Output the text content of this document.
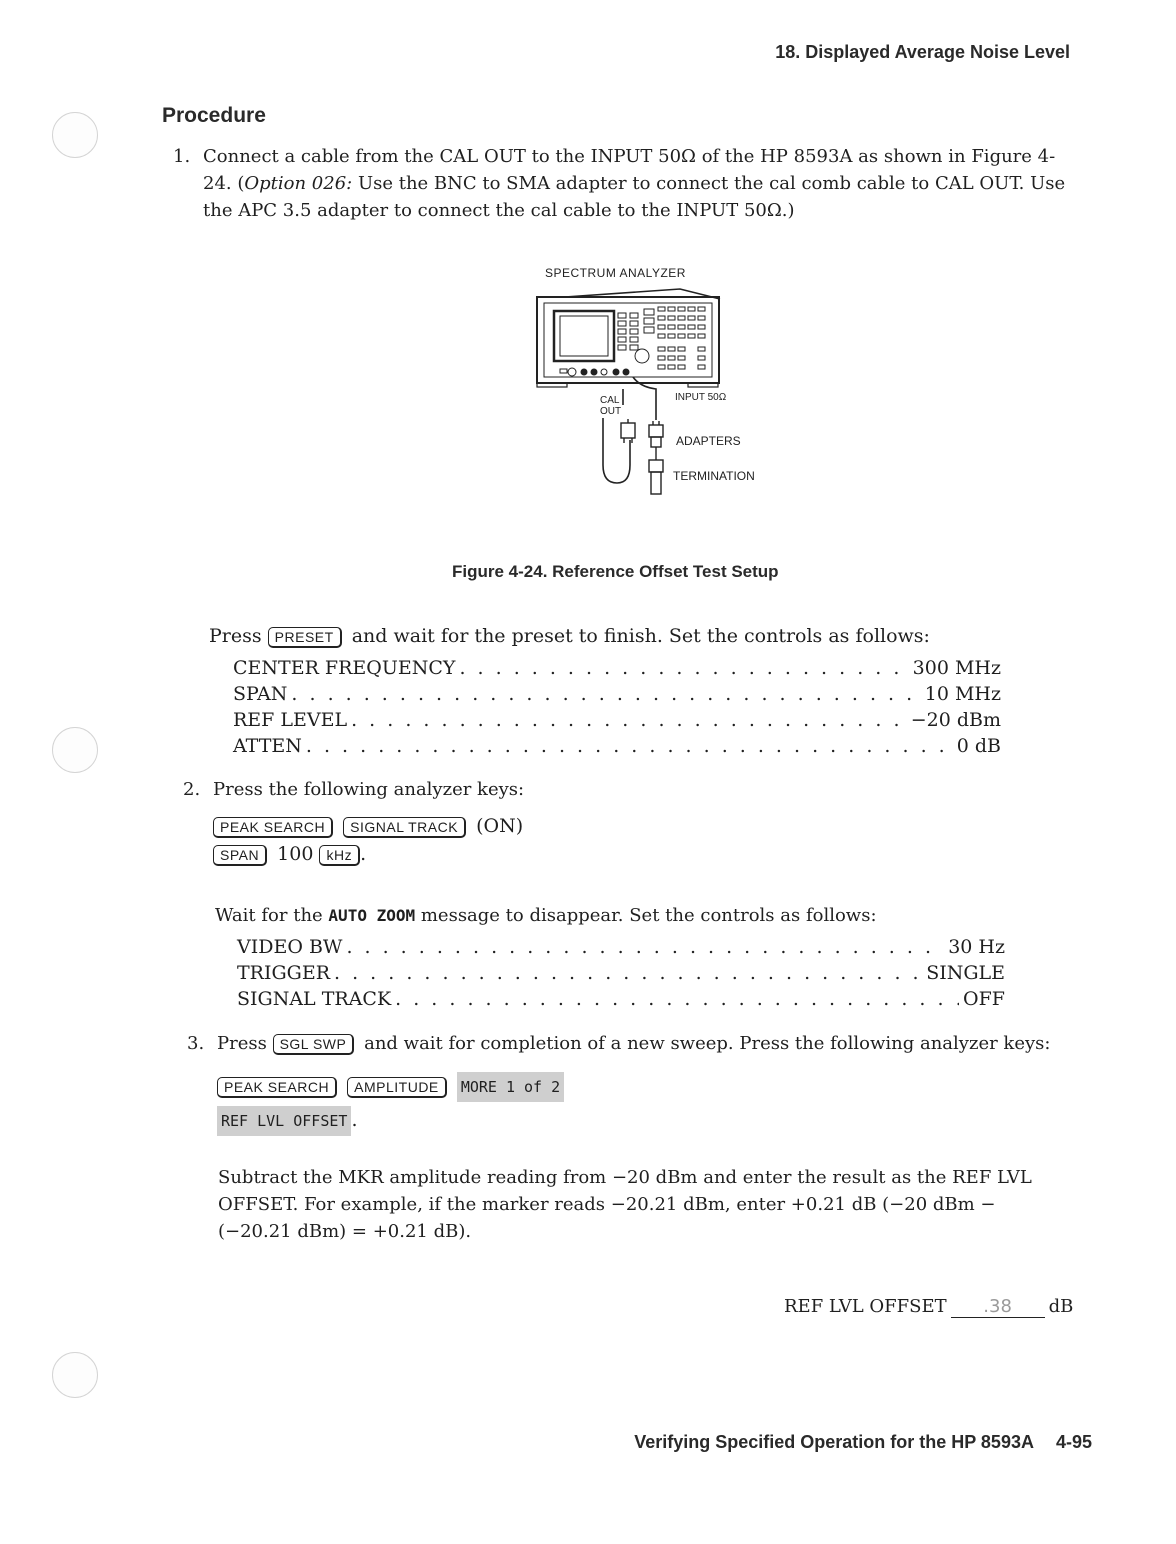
18. Displayed Average Noise Level
Procedure
1. Connect a cable from the CAL OUT to the INPUT 50Ω of the HP 8593A as shown in Figure 4-24. (Option 026: Use the BNC to SMA adapter to connect the cal comb cable to CAL OUT. Use the APC 3.5 adapter to connect the cal cable to the INPUT 50Ω.)
SPECTRUM ANALYZER
CAL
OUT
INPUT 50Ω
ADAPTERS
TERMINATION
Figure 4-24. Reference Offset Test Setup
Press PRESET and wait for the preset to finish. Set the controls as follows:
CENTER FREQUENCY . . .	300 MHz
SPAN . . .	10 MHz
REF LEVEL . . .	−20 dBm
ATTEN . . .	0 dB
2. Press the following analyzer keys:
PEAK SEARCH SIGNAL TRACK (ON)
SPAN 100 kHz .
Wait for the AUTO ZOOM message to disappear. Set the controls as follows:
VIDEO BW . . .	30 Hz
TRIGGER . . .	SINGLE
SIGNAL TRACK . . .	OFF
3. Press SGL SWP and wait for completion of a new sweep. Press the following analyzer keys:
PEAK SEARCH AMPLITUDE MORE 1 of 2
REF LVL OFFSET .
Subtract the MKR amplitude reading from −20 dBm and enter the result as the REF LVL OFFSET. For example, if the marker reads −20.21 dBm, enter +0.21 dB (−20 dBm − (−20.21 dBm) = +0.21 dB).
REF LVL OFFSET .38 dB
Verifying Specified Operation for the HP 8593A 4-95
